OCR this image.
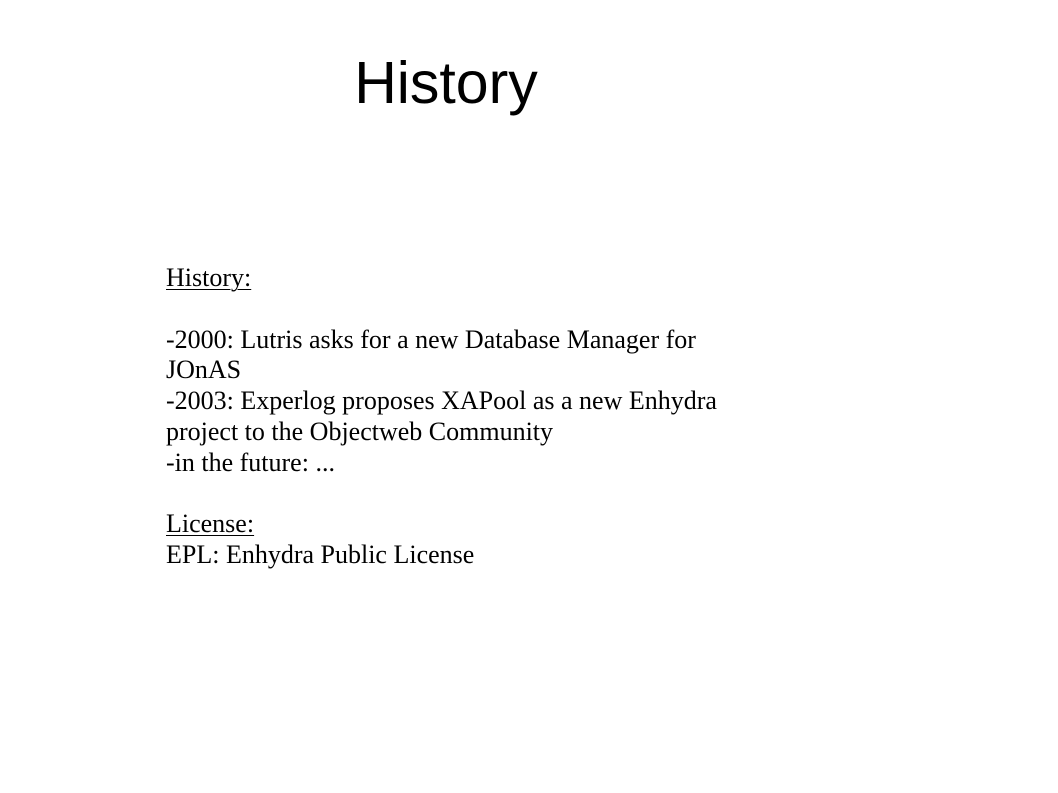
History
History:
-2000: Lutris asks for a new Database Manager for
JOnAS
-2003: Experlog proposes XAPool as a new Enhydra
project to the Objectweb Community
-in the future: ...
License:
EPL: Enhydra Public License
